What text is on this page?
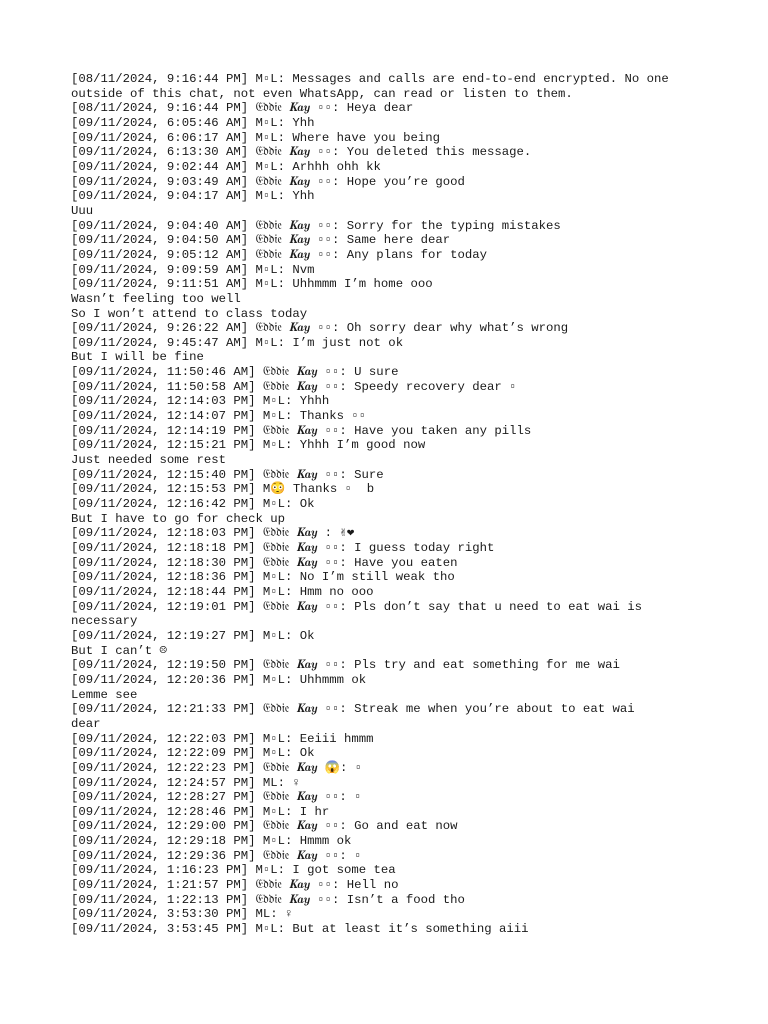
[08/11/2024, 9:16:44 PM] M▫L: Messages and calls are end-to-end encrypted. No one
outside of this chat, not even WhatsApp, can read or listen to them.
[08/11/2024, 9:16:44 PM] 𝔈𝔡𝔡𝔦𝔢 𝑲𝒂𝒚 ▫▫: Heya dear
[09/11/2024, 6:05:46 AM] M▫L: Yhh
[09/11/2024, 6:06:17 AM] M▫L: Where have you being
[09/11/2024, 6:13:30 AM] 𝔈𝔡𝔡𝔦𝔢 𝑲𝒂𝒚 ▫▫: You deleted this message.
[09/11/2024, 9:02:44 AM] M▫L: Arhhh ohh kk
[09/11/2024, 9:03:49 AM] 𝔈𝔡𝔡𝔦𝔢 𝑲𝒂𝒚 ▫▫: Hope you’re good
[09/11/2024, 9:04:17 AM] M▫L: Yhh
Uuu
[09/11/2024, 9:04:40 AM] 𝔈𝔡𝔡𝔦𝔢 𝑲𝒂𝒚 ▫▫: Sorry for the typing mistakes
[09/11/2024, 9:04:50 AM] 𝔈𝔡𝔡𝔦𝔢 𝑲𝒂𝒚 ▫▫: Same here dear
[09/11/2024, 9:05:12 AM] 𝔈𝔡𝔡𝔦𝔢 𝑲𝒂𝒚 ▫▫: Any plans for today
[09/11/2024, 9:09:59 AM] M▫L: Nvm
[09/11/2024, 9:11:51 AM] M▫L: Uhhmmm I’m home ooo
Wasn’t feeling too well
So I won’t attend to class today
[09/11/2024, 9:26:22 AM] 𝔈𝔡𝔡𝔦𝔢 𝑲𝒂𝒚 ▫▫: Oh sorry dear why what’s wrong
[09/11/2024, 9:45:47 AM] M▫L: I’m just not ok
But I will be fine
[09/11/2024, 11:50:46 AM] 𝔈𝔡𝔡𝔦𝔢 𝑲𝒂𝒚 ▫▫: U sure
[09/11/2024, 11:50:58 AM] 𝔈𝔡𝔡𝔦𝔢 𝑲𝒂𝒚 ▫▫: Speedy recovery dear ▫
[09/11/2024, 12:14:03 PM] M▫L: Yhhh
[09/11/2024, 12:14:07 PM] M▫L: Thanks ▫▫
[09/11/2024, 12:14:19 PM] 𝔈𝔡𝔡𝔦𝔢 𝑲𝒂𝒚 ▫▫: Have you taken any pills
[09/11/2024, 12:15:21 PM] M▫L: Yhhh I’m good now
Just needed some rest
[09/11/2024, 12:15:40 PM] 𝔈𝔡𝔡𝔦𝔢 𝑲𝒂𝒚 ▫▫: Sure
[09/11/2024, 12:15:53 PM] M😳 Thanks ▫  b
[09/11/2024, 12:16:42 PM] M▫L: Ok
But I have to go for check up
[09/11/2024, 12:18:03 PM] 𝔈𝔡𝔡𝔦𝔢 𝑲𝒂𝒚 : ✌❤
[09/11/2024, 12:18:18 PM] 𝔈𝔡𝔡𝔦𝔢 𝑲𝒂𝒚 ▫▫: I guess today right
[09/11/2024, 12:18:30 PM] 𝔈𝔡𝔡𝔦𝔢 𝑲𝒂𝒚 ▫▫: Have you eaten
[09/11/2024, 12:18:36 PM] M▫L: No I’m still weak tho
[09/11/2024, 12:18:44 PM] M▫L: Hmm no ooo
[09/11/2024, 12:19:01 PM] 𝔈𝔡𝔡𝔦𝔢 𝑲𝒂𝒚 ▫▫: Pls don’t say that u need to eat wai is
necessary
[09/11/2024, 12:19:27 PM] M▫L: Ok
But I can’t ☹
[09/11/2024, 12:19:50 PM] 𝔈𝔡𝔡𝔦𝔢 𝑲𝒂𝒚 ▫▫: Pls try and eat something for me wai
[09/11/2024, 12:20:36 PM] M▫L: Uhhmmm ok
Lemme see
[09/11/2024, 12:21:33 PM] 𝔈𝔡𝔡𝔦𝔢 𝑲𝒂𝒚 ▫▫: Streak me when you’re about to eat wai
dear
[09/11/2024, 12:22:03 PM] M▫L: Eeiii hmmm
[09/11/2024, 12:22:09 PM] M▫L: Ok
[09/11/2024, 12:22:23 PM] 𝔈𝔡𝔡𝔦𝔢 𝑲𝒂𝒚 😱: ▫
[09/11/2024, 12:24:57 PM] ML: ♀
[09/11/2024, 12:28:27 PM] 𝔈𝔡𝔡𝔦𝔢 𝑲𝒂𝒚 ▫▫: ▫
[09/11/2024, 12:28:46 PM] M▫L: I hr
[09/11/2024, 12:29:00 PM] 𝔈𝔡𝔡𝔦𝔢 𝑲𝒂𝒚 ▫▫: Go and eat now
[09/11/2024, 12:29:18 PM] M▫L: Hmmm ok
[09/11/2024, 12:29:36 PM] 𝔈𝔡𝔡𝔦𝔢 𝑲𝒂𝒚 ▫▫: ▫
[09/11/2024, 1:16:23 PM] M▫L: I got some tea
[09/11/2024, 1:21:57 PM] 𝔈𝔡𝔡𝔦𝔢 𝑲𝒂𝒚 ▫▫: Hell no
[09/11/2024, 1:22:13 PM] 𝔈𝔡𝔡𝔦𝔢 𝑲𝒂𝒚 ▫▫: Isn’t a food tho
[09/11/2024, 3:53:30 PM] ML: ♀
[09/11/2024, 3:53:45 PM] M▫L: But at least it’s something aiii
